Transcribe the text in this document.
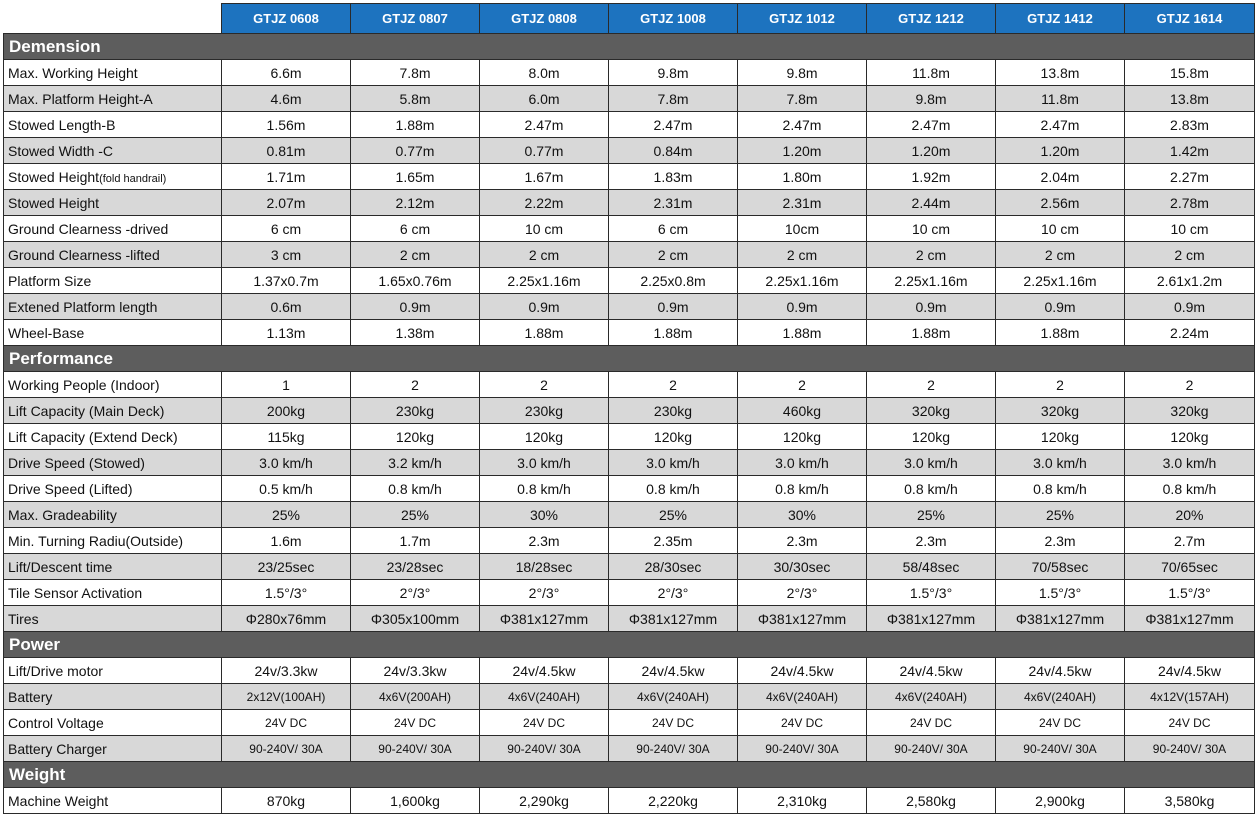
	GTJZ 0608	GTJZ 0807	GTJZ 0808	GTJZ 1008	GTJZ 1012	GTJZ 1212	GTJZ 1412	GTJZ 1614
Demension								
Max. Working Height	6.6m	7.8m	8.0m	9.8m	9.8m	11.8m	13.8m	15.8m
Max. Platform Height-A	4.6m	5.8m	6.0m	7.8m	7.8m	9.8m	11.8m	13.8m
Stowed Length-B	1.56m	1.88m	2.47m	2.47m	2.47m	2.47m	2.47m	2.83m
Stowed Width -C	0.81m	0.77m	0.77m	0.84m	1.20m	1.20m	1.20m	1.42m
Stowed Height(fold handrail)	1.71m	1.65m	1.67m	1.83m	1.80m	1.92m	2.04m	2.27m
Stowed Height	2.07m	2.12m	2.22m	2.31m	2.31m	2.44m	2.56m	2.78m
Ground Clearness -drived	6 cm	6 cm	10 cm	6 cm	10cm	10 cm	10 cm	10 cm
Ground Clearness -lifted	3 cm	2 cm	2 cm	2 cm	2 cm	2 cm	2 cm	2 cm
Platform Size	1.37x0.7m	1.65x0.76m	2.25x1.16m	2.25x0.8m	2.25x1.16m	2.25x1.16m	2.25x1.16m	2.61x1.2m
Extened Platform length	0.6m	0.9m	0.9m	0.9m	0.9m	0.9m	0.9m	0.9m
Wheel-Base	1.13m	1.38m	1.88m	1.88m	1.88m	1.88m	1.88m	2.24m
Performance								
Working People (Indoor)	1	2	2	2	2	2	2	2
Lift Capacity (Main Deck)	200kg	230kg	230kg	230kg	460kg	320kg	320kg	320kg
Lift Capacity (Extend Deck)	115kg	120kg	120kg	120kg	120kg	120kg	120kg	120kg
Drive Speed (Stowed)	3.0 km/h	3.2 km/h	3.0 km/h	3.0 km/h	3.0 km/h	3.0 km/h	3.0 km/h	3.0 km/h
Drive Speed (Lifted)	0.5 km/h	0.8 km/h	0.8 km/h	0.8 km/h	0.8 km/h	0.8 km/h	0.8 km/h	0.8 km/h
Max. Gradeability	25%	25%	30%	25%	30%	25%	25%	20%
Min. Turning Radiu(Outside)	1.6m	1.7m	2.3m	2.35m	2.3m	2.3m	2.3m	2.7m
Lift/Descent time	23/25sec	23/28sec	18/28sec	28/30sec	30/30sec	58/48sec	70/58sec	70/65sec
Tile Sensor Activation	1.5°/3°	2°/3°	2°/3°	2°/3°	2°/3°	1.5°/3°	1.5°/3°	1.5°/3°
Tires	Φ280x76mm	Φ305x100mm	Φ381x127mm	Φ381x127mm	Φ381x127mm	Φ381x127mm	Φ381x127mm	Φ381x127mm
Power								
Lift/Drive motor	24v/3.3kw	24v/3.3kw	24v/4.5kw	24v/4.5kw	24v/4.5kw	24v/4.5kw	24v/4.5kw	24v/4.5kw
Battery	2x12V(100AH)	4x6V(200AH)	4x6V(240AH)	4x6V(240AH)	4x6V(240AH)	4x6V(240AH)	4x6V(240AH)	4x12V(157AH)
Control Voltage	24V DC	24V DC	24V DC	24V DC	24V DC	24V DC	24V DC	24V DC
Battery Charger	90-240V/ 30A	90-240V/ 30A	90-240V/ 30A	90-240V/ 30A	90-240V/ 30A	90-240V/ 30A	90-240V/ 30A	90-240V/ 30A
Weight								
Machine Weight	870kg	1,600kg	2,290kg	2,220kg	2,310kg	2,580kg	2,900kg	3,580kg
